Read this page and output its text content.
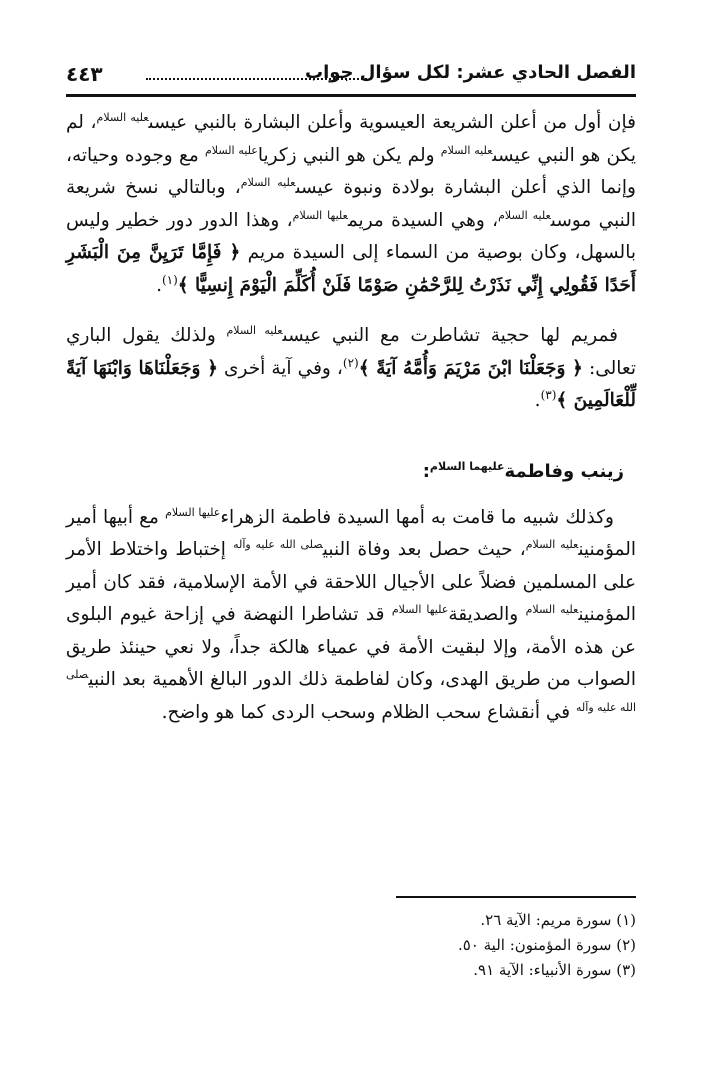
الفصل الحادي عشر: لكل سؤال جواب
٤٤٣

فإن أول من أعلن الشريعة العيسوية وأعلن البشارة بالنبي عيسى$^{عليه السلام}$، لم يكن هو النبي عيسى$^{عليه السلام}$ ولم يكن هو النبي زكريا$^{عليه السلام}$ مع وجوده وحياته، وإنما الذي أعلن البشارة بولادة ونبوة عيسى$^{عليه السلام}$، وبالتالي نسخ شريعة النبي موسى$^{عليه السلام}$، وهي السيدة مريم$^{عليها السلام}$، وهذا الدور دور خطير وليس بالسهل، وكان بوصية من السماء إلى السيدة مريم ﴿ فَإِمَّا تَرَيِنَّ مِنَ الْبَشَرِ أَحَدًا فَقُولِي إِنِّي نَذَرْتُ لِلرَّحْمَٰنِ صَوْمًا فَلَنْ أُكَلِّمَ الْيَوْمَ إِنسِيًّا ﴾$^{(١)}$.

فمريم لها حجية تشاطرت مع النبي عيسى$^{عليه السلام}$ ولذلك يقول الباري تعالى: ﴿ وَجَعَلْنَا ابْنَ مَرْيَمَ وَأُمَّهُ آيَةً ﴾$^{(٢)}$، وفي آية أخرى ﴿ وَجَعَلْنَاهَا وَابْنَهَا آيَةً لِّلْعَالَمِينَ ﴾$^{(٣)}$.

زينب وفاطمة$^{عليهما السلام}$:

وكذلك شبيه ما قامت به أمها السيدة فاطمة الزهراء$^{عليها السلام}$ مع أبيها أمير المؤمنين$^{عليه السلام}$، حيث حصل بعد وفاة النبي$^{صلى الله عليه وآله}$ إختباط واختلاط الأمر على المسلمين فضلاً على الأجيال اللاحقة في الأمة الإسلامية، فقد كان أمير المؤمنين$^{عليه السلام}$ والصديقة$^{عليها السلام}$ قد تشاطرا النهضة في إزاحة غيوم البلوى عن هذه الأمة، وإلا لبقيت الأمة في عمياء هالكة جداً، ولا نعي حينئذ طريق الصواب من طريق الهدى، وكان لفاطمة ذلك الدور البالغ الأهمية بعد النبي$^{صلى الله عليه وآله}$ في أنقشاع سحب الظلام وسحب الردى كما هو واضح.

(١) سورة مريم: الآية ٢٦.
(٢) سورة المؤمنون: الية ٥٠.
(٣) سورة الأنبياء: الآية ٩١.
